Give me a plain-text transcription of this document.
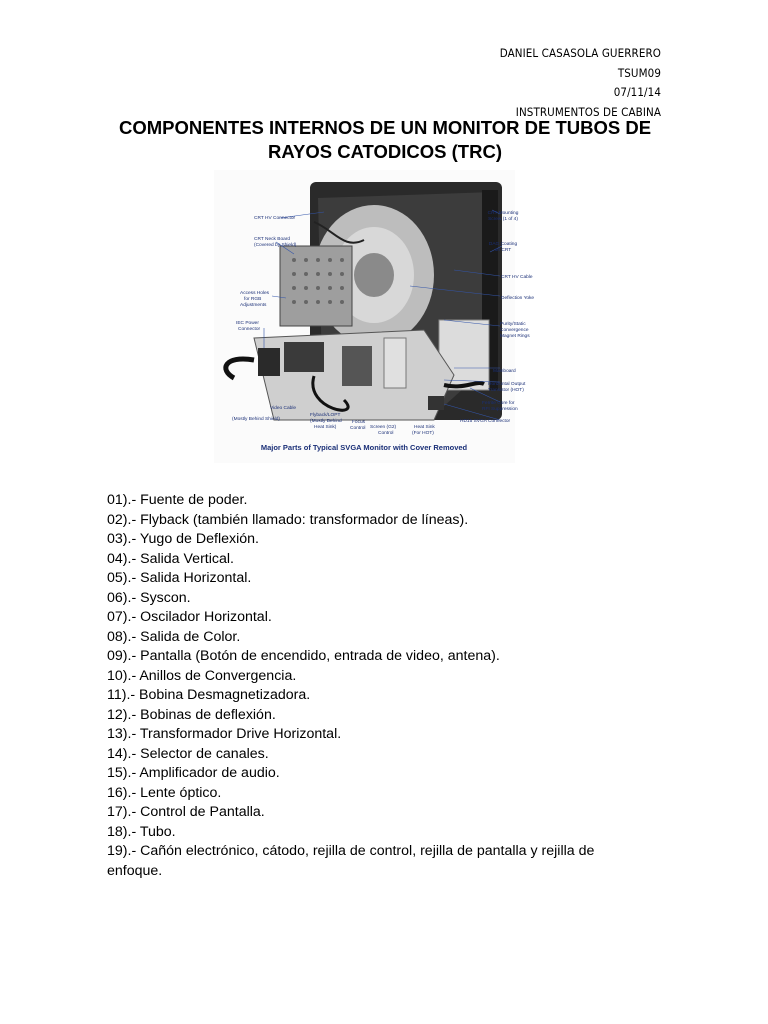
DANIEL CASASOLA GUERRERO
TSUM09
07/11/14
INSTRUMENTOS DE CABINA
COMPONENTES INTERNOS DE UN MONITOR DE TUBOS DE
RAYOS CATODICOS (TRC)
CRT HV Connector
CRT Neck Board
(Covered by Shield)
Access Holes
for RGB
Adjustments
IEC Power
Connector
CRT Mounting
Screw (1 of 4)
DAG Coating
on CRT
CRT HV Cable
Deflection Yoke
Purity/Static
Convergence
Magnet Rings
Mainboard
Horizontal Output
Transistor (HOT)
Ferrite Core for
RFI Suppression
HD15 SVGA Connector
Video Cable
(Mostly Behind Shield)
Flyback/LOPT
(Mostly Behind
Heat Sink)
Focus
Control Screen (G2)
Control
Heat Sink
(For HOT)
Major Parts of Typical SVGA Monitor with Cover Removed
01).- Fuente de poder.
02).- Flyback (también llamado: transformador de líneas).
03).- Yugo de Deflexión.
04).- Salida Vertical.
05).- Salida Horizontal.
06).- Syscon.
07).- Oscilador Horizontal.
08).- Salida de Color.
09).- Pantalla (Botón de encendido, entrada de video, antena).
10).- Anillos de Convergencia.
11).- Bobina Desmagnetizadora.
12).- Bobinas de deflexión.
13).- Transformador Drive Horizontal.
14).- Selector de canales.
15).- Amplificador de audio.
16).- Lente óptico.
17).- Control de Pantalla.
18).- Tubo.
19).- Cañón electrónico, cátodo, rejilla de control, rejilla de pantalla y rejilla de enfoque.
